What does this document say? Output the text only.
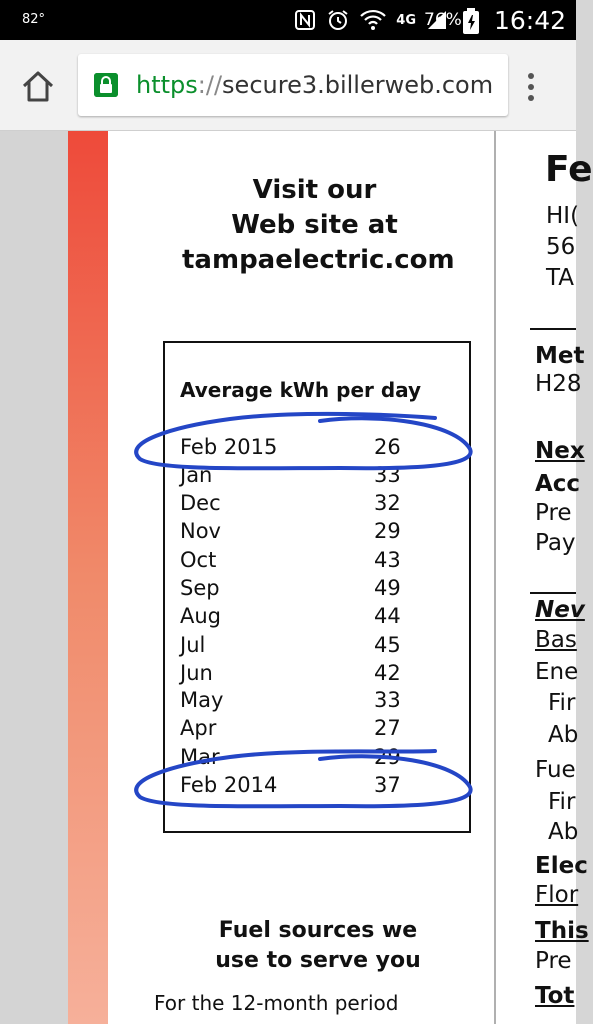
82°	4G 76% 16:42
https://secure3.billerweb.com
Visit our
Web site at
tampaelectric.com
Average kWh per day
Feb 2015	26
Jan	33
Dec	32
Nov	29
Oct	43
Sep	49
Aug	44
Jul	45
Jun	42
May	33
Apr	27
Mar	29
Feb 2014	37
Fuel sources we
use to serve you
For the 12-month period
Fe
HI(
56
TA
Met
H28
Nex
Acc
Pre
Pay
Nev
Bas
Ene
Fir
Ab
Fue
Fir
Ab
Elec
Flor
This
Pre
Tot
